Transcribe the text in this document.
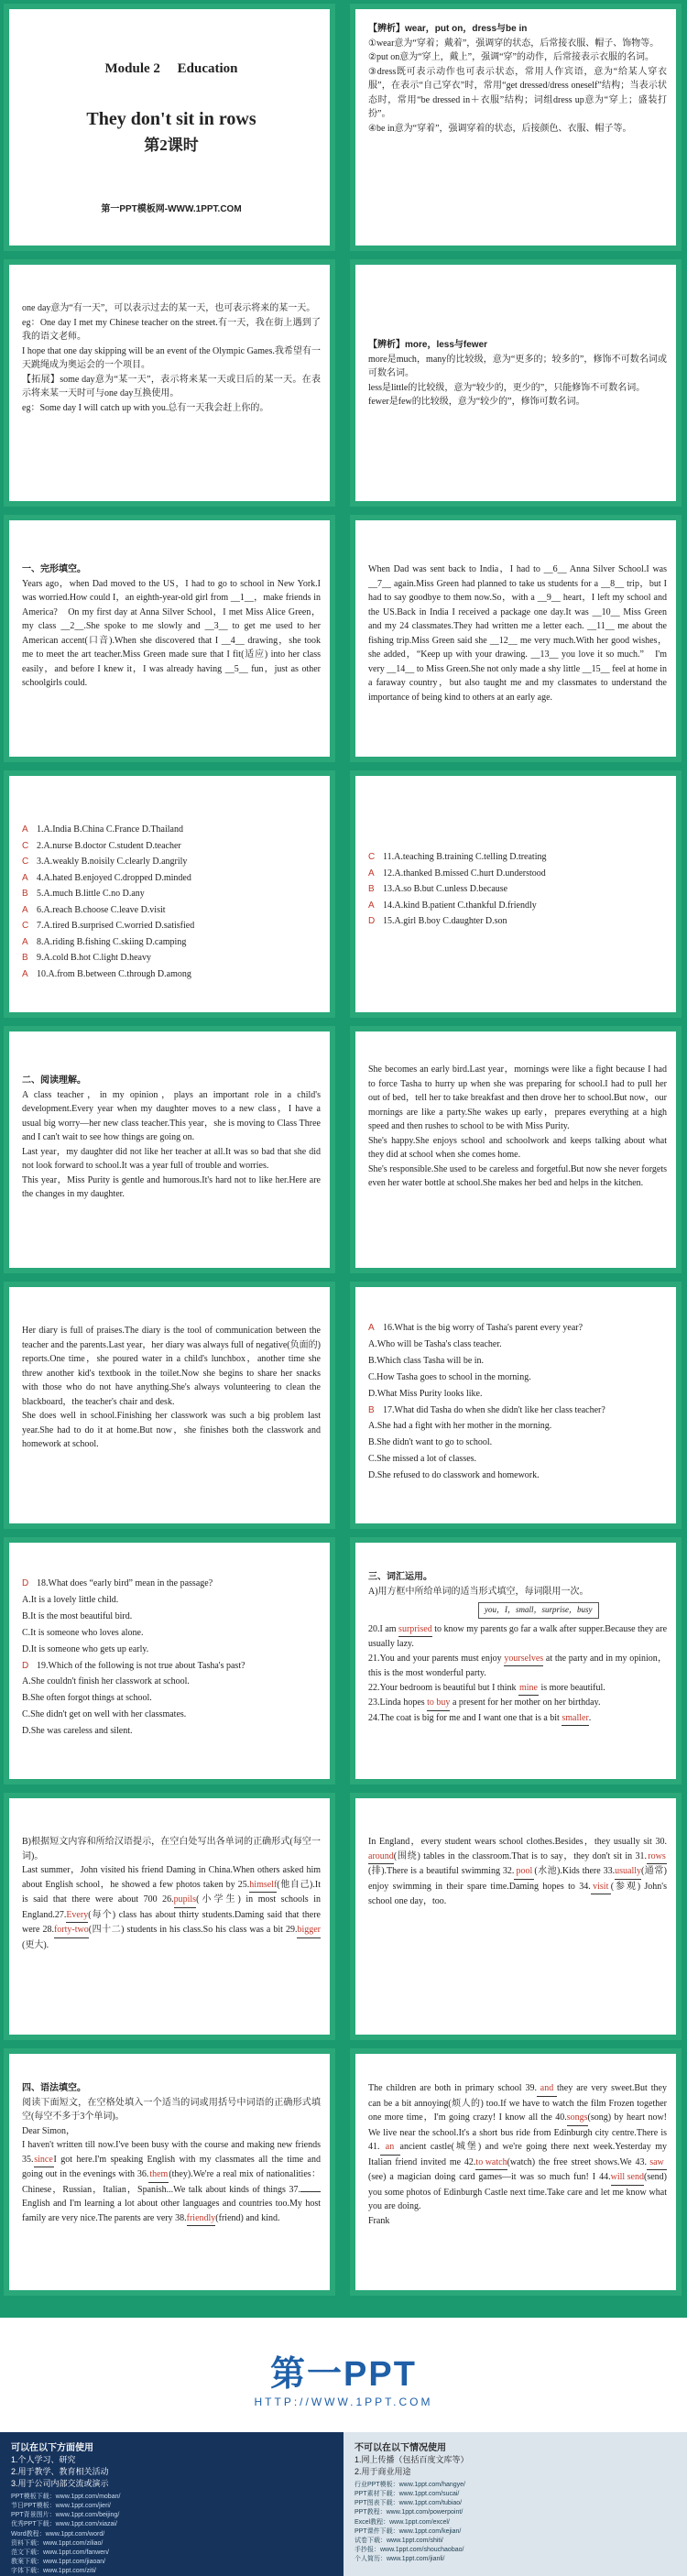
Module 2　 Education
They don't sit in rows
第2课时
第一PPT模板网-WWW.1PPT.COM
【辨析】wear，put on，dress与be in
①wear意为“穿着；戴着”，强调穿的状态，后常接衣服、帽子、饰物等。
②put on意为“穿上，戴上”，强调“穿”的动作，后常接表示衣服的名词。
③dress既可表示动作也可表示状态，常用人作宾语，意为“给某人穿衣服”，在表示“自己穿衣”时，常用“get dressed/dress oneself”结构；当表示状态时，常用“be dressed in＋衣服”结构；词组dress up意为“穿上；盛装打扮”。
④be in意为“穿着”，强调穿着的状态，后接颜色、衣服、帽子等。
one day意为“有一天”，可以表示过去的某一天，也可表示将来的某一天。
eg：One day I met my Chinese teacher on the street.有一天，我在街上遇到了我的语文老师。
I hope that one day skipping will be an event of the Olympic Games.我希望有一天跳绳成为奥运会的一个项目。
【拓展】some day意为“某一天”，表示将来某一天或日后的某一天。在表示将来某一天时可与one day互换使用。
eg：Some day I will catch up with you.总有一天我会赶上你的。
【辨析】more，less与fewer
more是much，many的比较级，意为“更多的；较多的”，修饰不可数名词或可数名词。
less是little的比较级，意为“较少的，更少的”，只能修饰不可数名词。
fewer是few的比较级，意为“较少的”，修饰可数名词。
一、完形填空。
Years ago，when Dad moved to the US，I had to go to school in New York.I was worried.How could I，an eighth-year-old girl from __1__，make friends in America?　On my first day at Anna Silver School，I met Miss Alice Green，my class __2__.She spoke to me slowly and __3__ to get me used to her American accent(口音).When she discovered that I __4__ drawing，she took me to meet the art teacher.Miss Green made sure that I fit(适应) into her class easily，and before I knew it，I was already having __5__ fun，just as other schoolgirls could.
When Dad was sent back to India，I had to __6__ Anna Silver School.I was __7__ again.Miss Green had planned to take us students for a __8__ trip，but I had to say goodbye to them now.So，with a __9__ heart，I left my school and the US.Back in India I received a package one day.It was __10__ Miss Green and my 24 classmates.They had written me a letter each. __11__ me about the fishing trip.Miss Green said she __12__ me very much.With her good wishes，she added，“Keep up with your drawing. __13__ you love it so much.”　I'm very __14__ to Miss Green.She not only made a shy little __15__ feel at home in a faraway country，but also taught me and my classmates to understand the importance of being kind to others at an early age.
A 1.A.India B.China C.France D.Thailand
C 2.A.nurse B.doctor C.student D.teacher
C 3.A.weakly B.noisily C.clearly D.angrily
A 4.A.hated B.enjoyed C.dropped D.minded
B 5.A.much B.little C.no D.any
A 6.A.reach B.choose C.leave D.visit
C 7.A.tired B.surprised C.worried D.satisfied
A 8.A.riding B.fishing C.skiing D.camping
B 9.A.cold B.hot C.light D.heavy
A 10.A.from B.between C.through D.among
C 11.A.teaching B.training C.telling D.treating
A 12.A.thanked B.missed C.hurt D.understood
B 13.A.so B.but C.unless D.because
A 14.A.kind B.patient C.thankful D.friendly
D 15.A.girl B.boy C.daughter D.son
二、阅读理解。
A class teacher，in my opinion，plays an important role in a child's development.Every year when my daughter moves to a new class，I have a usual big worry—her new class teacher.This year，she is moving to Class Three and I can't wait to see how things are going on.
Last year，my daughter did not like her teacher at all.It was so bad that she did not look forward to school.It was a year full of trouble and worries.
This year，Miss Purity is gentle and humorous.It's hard not to like her.Here are the changes in my daughter.
She becomes an early bird.Last year，mornings were like a fight because I had to force Tasha to hurry up when she was preparing for school.I had to pull her out of bed，tell her to take breakfast and then drove her to school.But now，our mornings are like a party.She wakes up early，prepares everything at a high speed and then rushes to school to be with Miss Purity.
She's happy.She enjoys school and schoolwork and keeps talking about what they did at school when she comes home.
She's responsible.She used to be careless and forgetful.But now she never forgets even her water bottle at school.She makes her bed and helps in the kitchen.
Her diary is full of praises.The diary is the tool of communication between the teacher and the parents.Last year，her diary was always full of negative(负面的) reports.One time，she poured water in a child's lunchbox，another time she threw another kid's textbook in the toilet.Now she begins to share her snacks with those who do not have anything.She's always volunteering to clean the blackboard，the teacher's chair and desk.
She does well in school.Finishing her classwork was such a big problem last year.She had to do it at home.But now，she finishes both the classwork and homework at school.
A 16.What is the big worry of Tasha's parent every year?
A.Who will be Tasha's class teacher.
B.Which class Tasha will be in.
C.How Tasha goes to school in the morning.
D.What Miss Purity looks like.
B 17.What did Tasha do when she didn't like her class teacher?
A.She had a fight with her mother in the morning.
B.She didn't want to go to school.
C.She missed a lot of classes.
D.She refused to do classwork and homework.
D 18.What does “early bird” mean in the passage?
A.It is a lovely little child.
B.It is the most beautiful bird.
C.It is someone who loves alone.
D.It is someone who gets up early.
D 19.Which of the following is not true about Tasha's past?
A.She couldn't finish her classwork at school.
B.She often forgot things at school.
C.She didn't get on well with her classmates.
D.She was careless and silent.
三、词汇运用。
A)用方框中所给单词的适当形式填空，每词限用一次。
you，I，small，surprise，busy
20.I am surprised to know my parents go far a walk after supper.Because they are usually lazy.
21.You and your parents must enjoy yourselves at the party and in my opinion，this is the most wonderful party.
22.Your bedroom is beautiful but I think mine is more beautiful.
23.Linda hopes to buy a present for her mother on her birthday.
24.The coat is big for me and I want one that is a bit smaller.
B)根据短文内容和所给汉语提示，在空白处写出各单词的正确形式(每空一词)。
Last summer，John visited his friend Daming in China.When others asked him about English school，he showed a few photos taken by 25.himself(他自己).It is said that there were about 700 26.pupils(小学生) in most schools in England.27.Every(每个) class has about thirty students.Daming said that there were 28.forty-two(四十二) students in his class.So his class was a bit 29.bigger(更大).
In England，every student wears school clothes.Besides，they usually sit 30.around(围绕) tables in the classroom.That is to say，they don't sit in 31.rows(排).There is a beautiful swimming 32. pool (水池).Kids there 33.usually(通常) enjoy swimming in their spare time.Daming hopes to 34. visit (参观) John's school one day，too.
四、语法填空。
阅读下面短文，在空格处填入一个适当的词或用括号中词语的正确形式填空(每空不多于3个单词)。
Dear Simon，
I haven't written till now.I've been busy with the course and making new friends 35.sinceI got here.I'm speaking English with my classmates all the time and going out in the evenings with 36.them(they).We're a real mix of nationalities：Chinese，Russian，Italian，Spanish...We talk about kinds of things 37.English and I'm learning a lot about other languages and countries too.My host family are very nice.The parents are very 38.friendly(friend) and kind.
The children are both in primary school 39. and they are very sweet.But they can be a bit annoying(烦人的) too.If we have to watch the film Frozen together one more time，I'm going crazy! I know all the 40.songs(song) by heart now! We live near the school.It's a short bus ride from Edinburgh city centre.There is 41. an ancient castle(城堡) and we're going there next week.Yesterday my Italian friend invited me 42.to watch(watch) the free street shows.We 43. saw(see) a magician doing card games—it was so much fun! I 44.will send(send) you some photos of Edinburgh Castle next time.Take care and let me know what you are doing.
Frank
第一PPT
HTTP://WWW.1PPT.COM
可以在以下方面使用
1.个人学习、研究
2.用于教学、教育相关活动
3.用于公司内部交流或演示
PPT模板下载：www.1ppt.com/moban/
节日PPT模板：www.1ppt.com/jieri/
PPT背景图片：www.1ppt.com/beijing/
优秀PPT下载：www.1ppt.com/xiazai/
Word教程：www.1ppt.com/word/
资料下载：www.1ppt.com/ziliao/
范文下载：www.1ppt.com/fanwen/
教案下载：www.1ppt.com/jiaoan/
字体下载：www.1ppt.com/ziti/
不可以在以下情况使用
1.网上传播（包括百度文库等）
2.用于商业用途
行业PPT模板：www.1ppt.com/hangye/
PPT素材下载：www.1ppt.com/sucai/
PPT图表下载：www.1ppt.com/tubiao/
PPT教程：www.1ppt.com/powerpoint/
Excel教程：www.1ppt.com/excel/
PPT课件下载：www.1ppt.com/kejian/
试卷下载：www.1ppt.com/shiti/
手抄报：www.1ppt.com/shouchaobao/
个人简历：www.1ppt.com/jianli/
